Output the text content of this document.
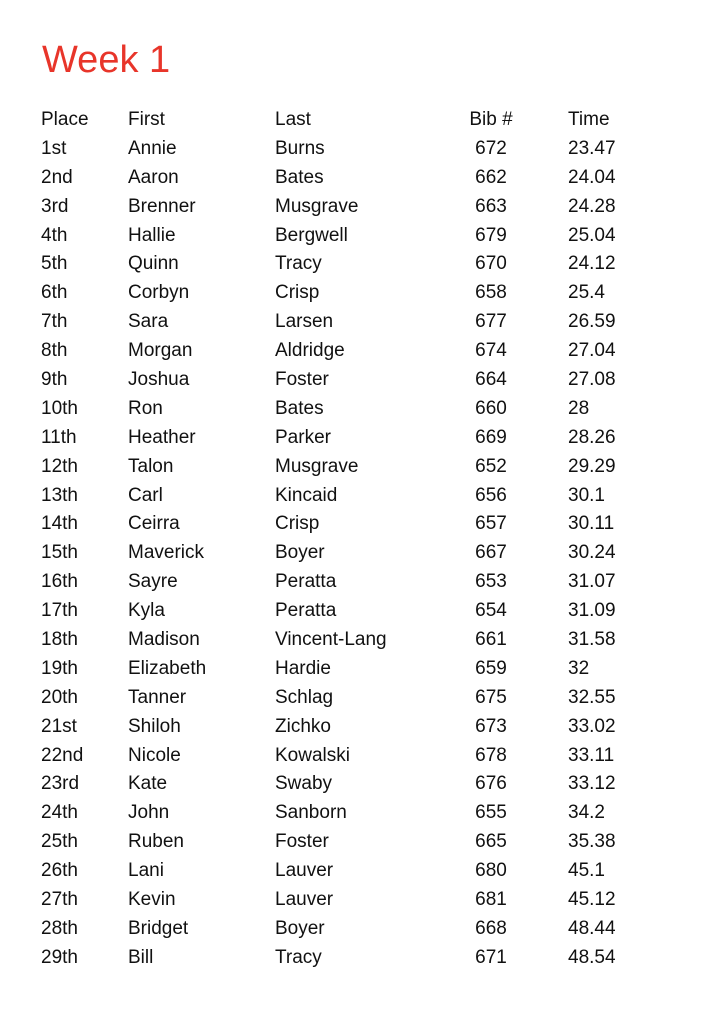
Week 1
Place First	Last	Bib #	Time
1st	Annie	Burns	672	23.47
2nd	Aaron	Bates	662	24.04
3rd	Brenner	Musgrave	663	24.28
4th	Hallie	Bergwell	679	25.04
5th	Quinn	Tracy	670	24.12
6th	Corbyn	Crisp	658	25.4
7th	Sara	Larsen	677	26.59
8th	Morgan	Aldridge	674	27.04
9th	Joshua	Foster	664	27.08
10th	Ron	Bates	660	28
11th	Heather	Parker	669	28.26
12th	Talon	Musgrave	652	29.29
13th	Carl	Kincaid	656	30.1
14th	Ceirra	Crisp	657	30.11
15th	Maverick	Boyer	667	30.24
16th	Sayre	Peratta	653	31.07
17th	Kyla	Peratta	654	31.09
18th	Madison	Vincent-Lang	661	31.58
19th	Elizabeth	Hardie	659	32
20th	Tanner	Schlag	675	32.55
21st	Shiloh	Zichko	673	33.02
22nd Nicole	Kowalski	678	33.11
23rd	Kate	Swaby	676	33.12
24th	John	Sanborn	655	34.2
25th	Ruben	Foster	665	35.38
26th	Lani	Lauver	680	45.1
27th	Kevin	Lauver	681	45.12
28th	Bridget	Boyer	668	48.44
29th	Bill	Tracy	671	48.54
